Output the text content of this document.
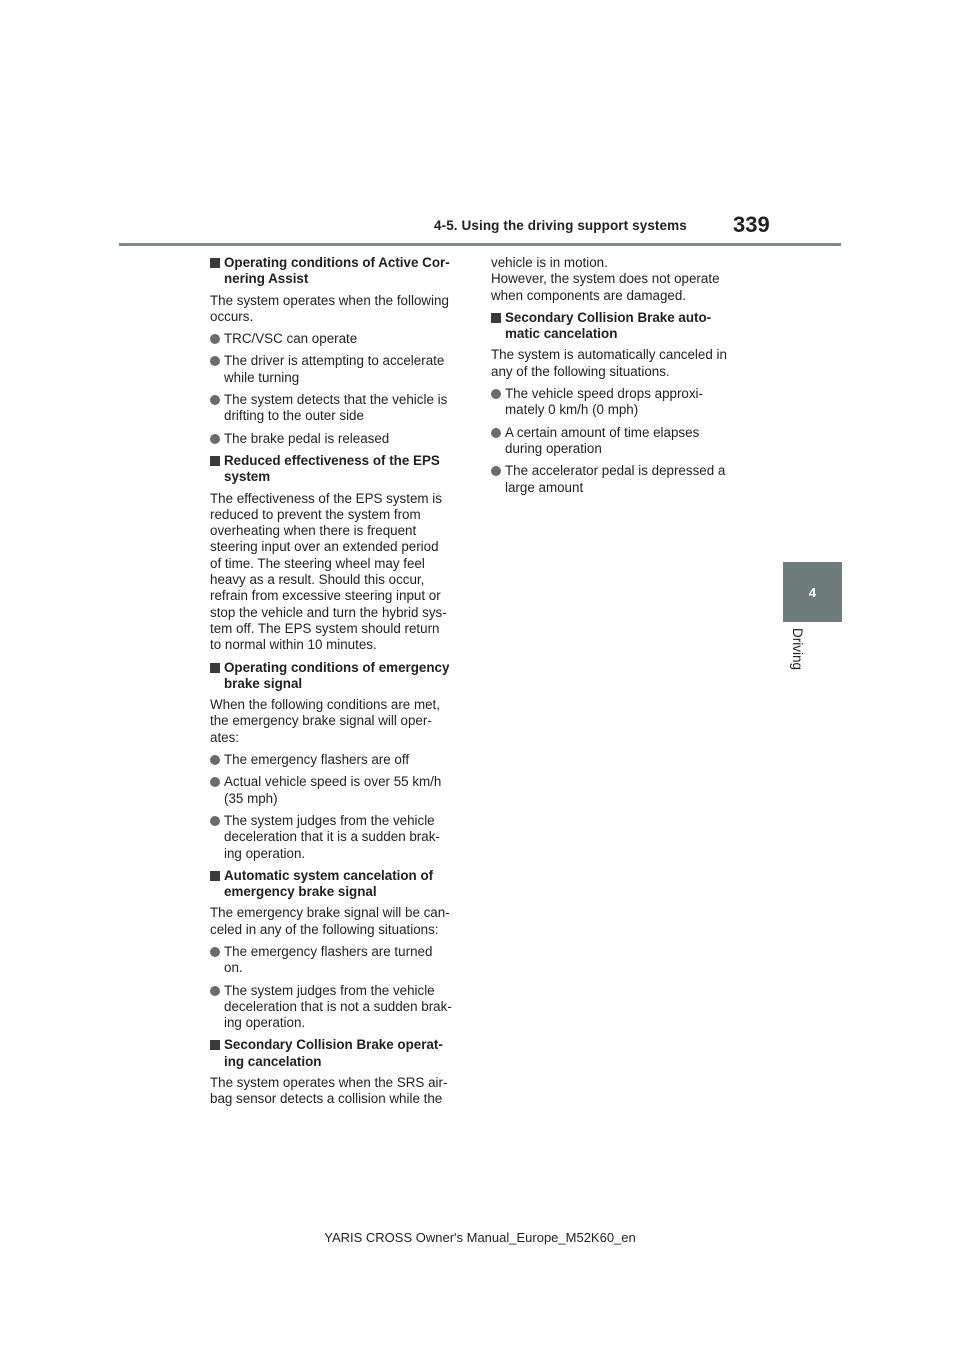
4-5. Using the driving support systems 339
4
Driving
Operating conditions of Active Cor-
nering Assist
The system operates when the following
occurs.
TRC/VSC can operate
The driver is attempting to accelerate
while turning
The system detects that the vehicle is
drifting to the outer side
The brake pedal is released
Reduced effectiveness of the EPS
system
The effectiveness of the EPS system is
reduced to prevent the system from
overheating when there is frequent
steering input over an extended period
of time. The steering wheel may feel
heavy as a result. Should this occur,
refrain from excessive steering input or
stop the vehicle and turn the hybrid sys-
tem off. The EPS system should return
to normal within 10 minutes.
Operating conditions of emergency
brake signal
When the following conditions are met,
the emergency brake signal will oper-
ates:
The emergency flashers are off
Actual vehicle speed is over 55 km/h
(35 mph)
The system judges from the vehicle
deceleration that it is a sudden brak-
ing operation.
Automatic system cancelation of
emergency brake signal
The emergency brake signal will be can-
celed in any of the following situations:
The emergency flashers are turned
on.
The system judges from the vehicle
deceleration that is not a sudden brak-
ing operation.
Secondary Collision Brake operat-
ing cancelation
The system operates when the SRS air-
bag sensor detects a collision while the
vehicle is in motion.
However, the system does not operate
when components are damaged.
Secondary Collision Brake auto-
matic cancelation
The system is automatically canceled in
any of the following situations.
The vehicle speed drops approxi-
mately 0 km/h (0 mph)
A certain amount of time elapses
during operation
The accelerator pedal is depressed a
large amount
YARIS CROSS Owner's Manual_Europe_M52K60_en
